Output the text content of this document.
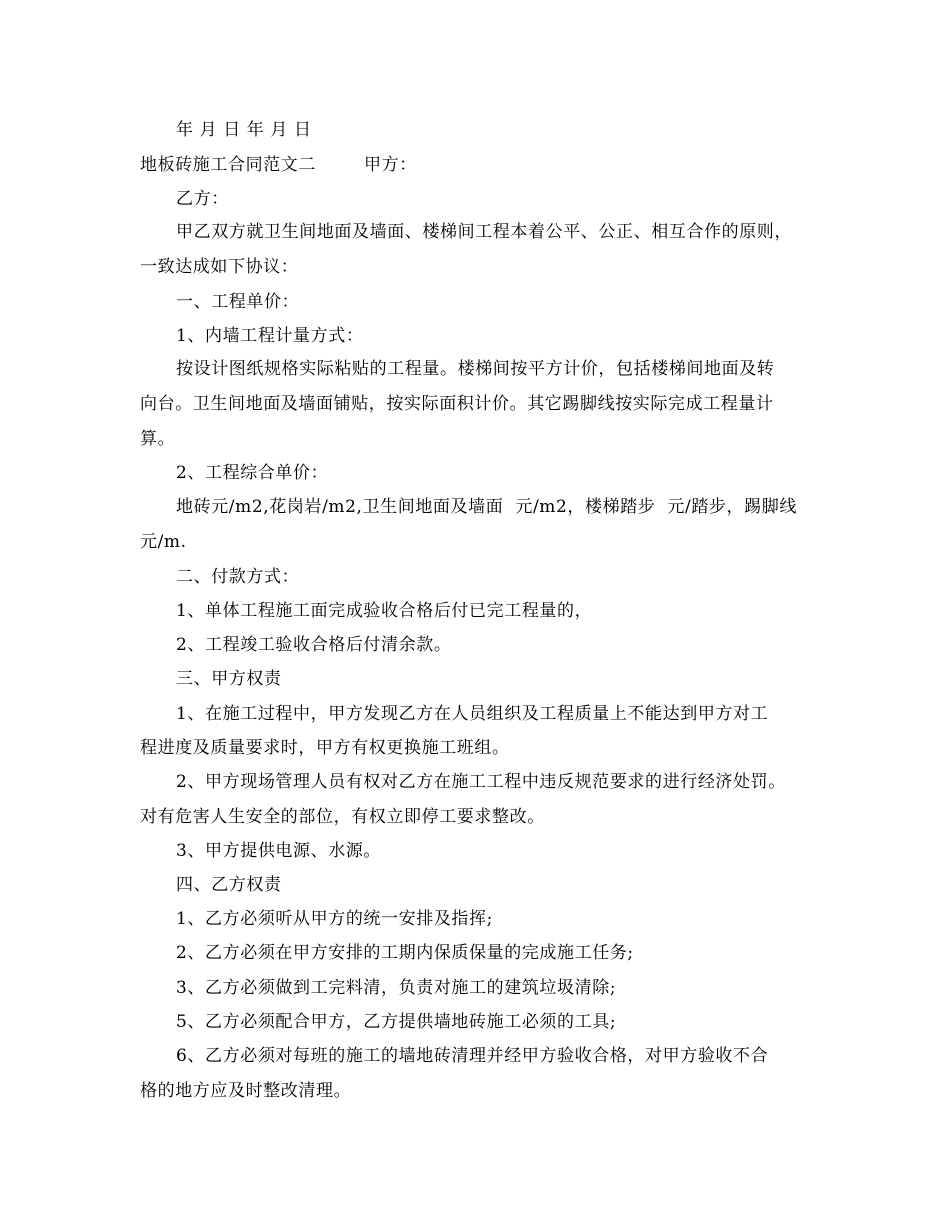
年 月 日 年 月 日
地板砖施工合同范文二        甲方：
乙方：
甲乙双方就卫生间地面及墙面、楼梯间工程本着公平、公正、相互合作的原则，
一致达成如下协议：
一、工程单价：
1、内墙工程计量方式：
按设计图纸规格实际粘贴的工程量。楼梯间按平方计价，包括楼梯间地面及转
向台。卫生间地面及墙面铺贴，按实际面积计价。其它踢脚线按实际完成工程量计
算。
2、工程综合单价：
地砖元/m2,花岗岩/m2,卫生间地面及墙面  元/m2，楼梯踏步  元/踏步，踢脚线
元/m.
二、付款方式：
1、单体工程施工面完成验收合格后付已完工程量的，
2、工程竣工验收合格后付清余款。
三、甲方权责
1、在施工过程中，甲方发现乙方在人员组织及工程质量上不能达到甲方对工
程进度及质量要求时，甲方有权更换施工班组。
2、甲方现场管理人员有权对乙方在施工工程中违反规范要求的进行经济处罚。
对有危害人生安全的部位，有权立即停工要求整改。
3、甲方提供电源、水源。
四、乙方权责
1、乙方必须听从甲方的统一安排及指挥;
2、乙方必须在甲方安排的工期内保质保量的完成施工任务;
3、乙方必须做到工完料清，负责对施工的建筑垃圾清除;
5、乙方必须配合甲方，乙方提供墙地砖施工必须的工具;
6、乙方必须对每班的施工的墙地砖清理并经甲方验收合格，对甲方验收不合
格的地方应及时整改清理。
